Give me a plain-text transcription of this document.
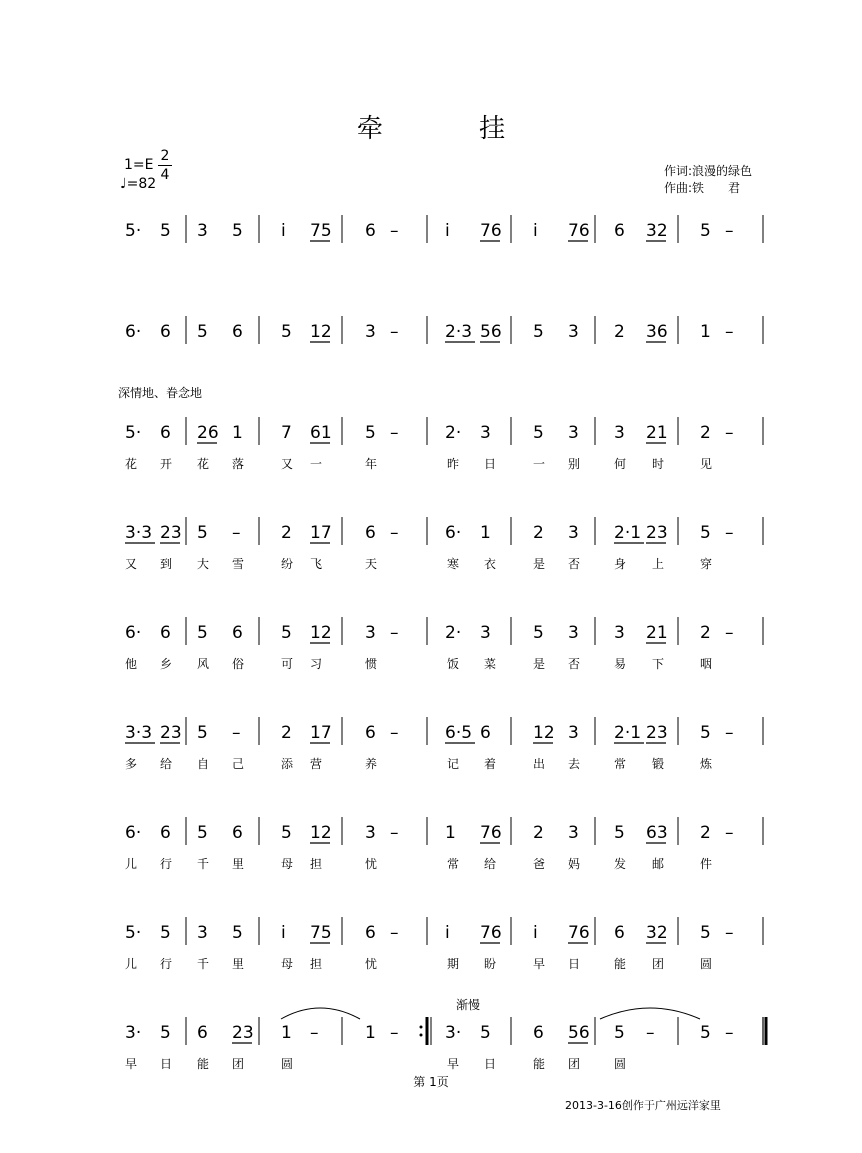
牵 挂
1=E
2
4
♩=82
作词:浪漫的绿色
作曲:铁　　君
深情地、眷念地
渐慢
5· 5 3 5 i 75 6 –	i 76 i 76 6 32 5 –
6· 6 5 6 5 12 3 –	2·3 56 5 3 2 36 1 –
5· 6 26 1 7 61 5 –	2· 3 5 3 3 21 2 –
花 开 花 落	又 一	年	昨 日	一 别	何 时	见
3·3 23 5 – 2 17 6 –	6· 1 2 3 2·1 23 5 –
又 到 大 雪	纷 飞	天	寒 衣	是 否	身 上	穿
6· 6 5 6 5 12 3 –	2· 3 5 3 3 21 2 –
他 乡 风 俗	可 习	惯	饭 菜	是 否	易 下	咽
3·3 23 5 – 2 17 6 –	6·5 6 12 3 2·1 23 5 –
多 给 自 己	添 营	养	记 着	出 去	常 锻	炼
6· 6 5 6 5 12 3 –	1 76 2 3 5 63 2 –
儿 行 千 里	母 担	忧	常 给	爸 妈	发 邮	件
5· 5 3 5 i 75 6 –	i 76 i 76 6 32 5 –
儿 行 千 里	母 担	忧	期 盼	早 日	能 团	圆
3· 5 6 23 1 –	1 –	3· 5 6 56 5 –	5 –
早 日 能 团	圆	早 日	能 团	圆
第 1页
2013-3-16创作于广州远洋家里
